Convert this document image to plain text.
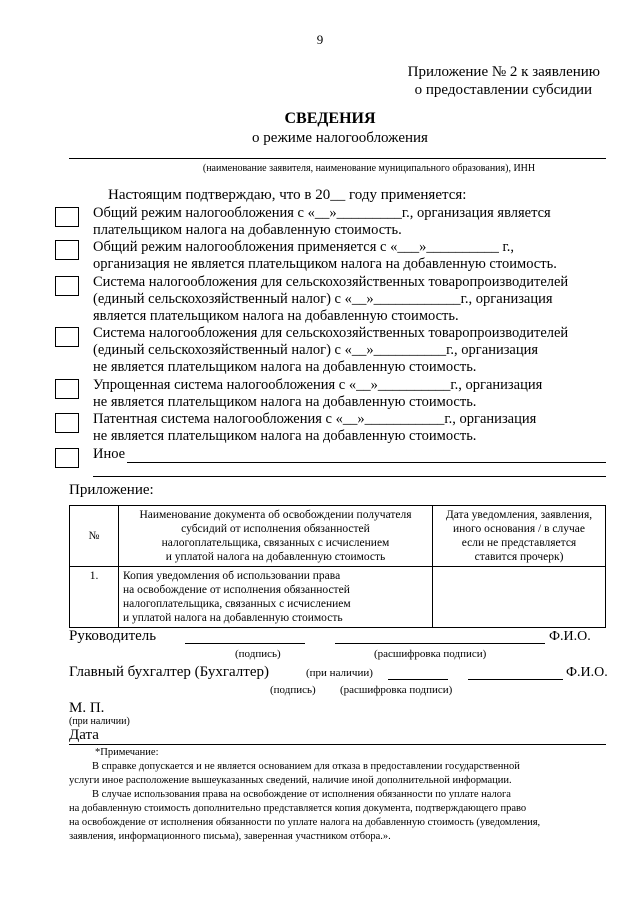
9
Приложение № 2 к заявлению
о предоставлении субсидии
СВЕДЕНИЯ
о режиме налогообложения
(наименование заявителя, наименование муниципального образования), ИНН
Настоящим подтверждаю, что в 20__ году применяется:
Общий режим налогообложения с «__»_________г., организация является
плательщиком налога на добавленную стоимость.
Общий режим налогообложения применяется с «___»__________ г.,
организация не является плательщиком налога на добавленную стоимость.
Система налогообложения для сельскохозяйственных товаропроизводителей
(единый сельскохозяйственный налог) с «__»____________г., организация
является плательщиком налога на добавленную стоимость.
Система налогообложения для сельскохозяйственных товаропроизводителей
(единый сельскохозяйственный налог) с «__»__________г., организация
не является плательщиком налога на добавленную стоимость.
Упрощенная система налогообложения с «__»__________г., организация
не является плательщиком налога на добавленную стоимость.
Патентная система налогообложения с «__»___________г., организация
не является плательщиком налога на добавленную стоимость.
Иное
Приложение:
№	Наименование документа об освобождении получателя
субсидий от исполнения обязанностей
налогоплательщика, связанных с исчислением
и уплатой налога на добавленную стоимость	Дата уведомления, заявления,
иного основания / в случае
если не представляется
ставится прочерк)

1.	Копия уведомления об использовании права
на освобождение от исполнения обязанностей
налогоплательщика, связанных с исчислением
и уплатой налога на добавленную стоимость	

Руководитель	Ф.И.О.
(подпись)	(расшифровка подписи)
Главный бухгалтер (Бухгалтер)	(при наличии)	Ф.И.О.
(подпись) (расшифровка подписи)
М. П.
(при наличии)
Дата
*Примечание:
В справке допускается и не является основанием для отказа в предоставлении государственной
услуги иное расположение вышеуказанных сведений, наличие иной дополнительной информации.
В случае использования права на освобождение от исполнения обязанности по уплате налога
на добавленную стоимость дополнительно представляется копия документа, подтверждающего право
на освобождение от исполнения обязанности по уплате налога на добавленную стоимость (уведомления,
заявления, информационного письма), заверенная участником отбора.».
